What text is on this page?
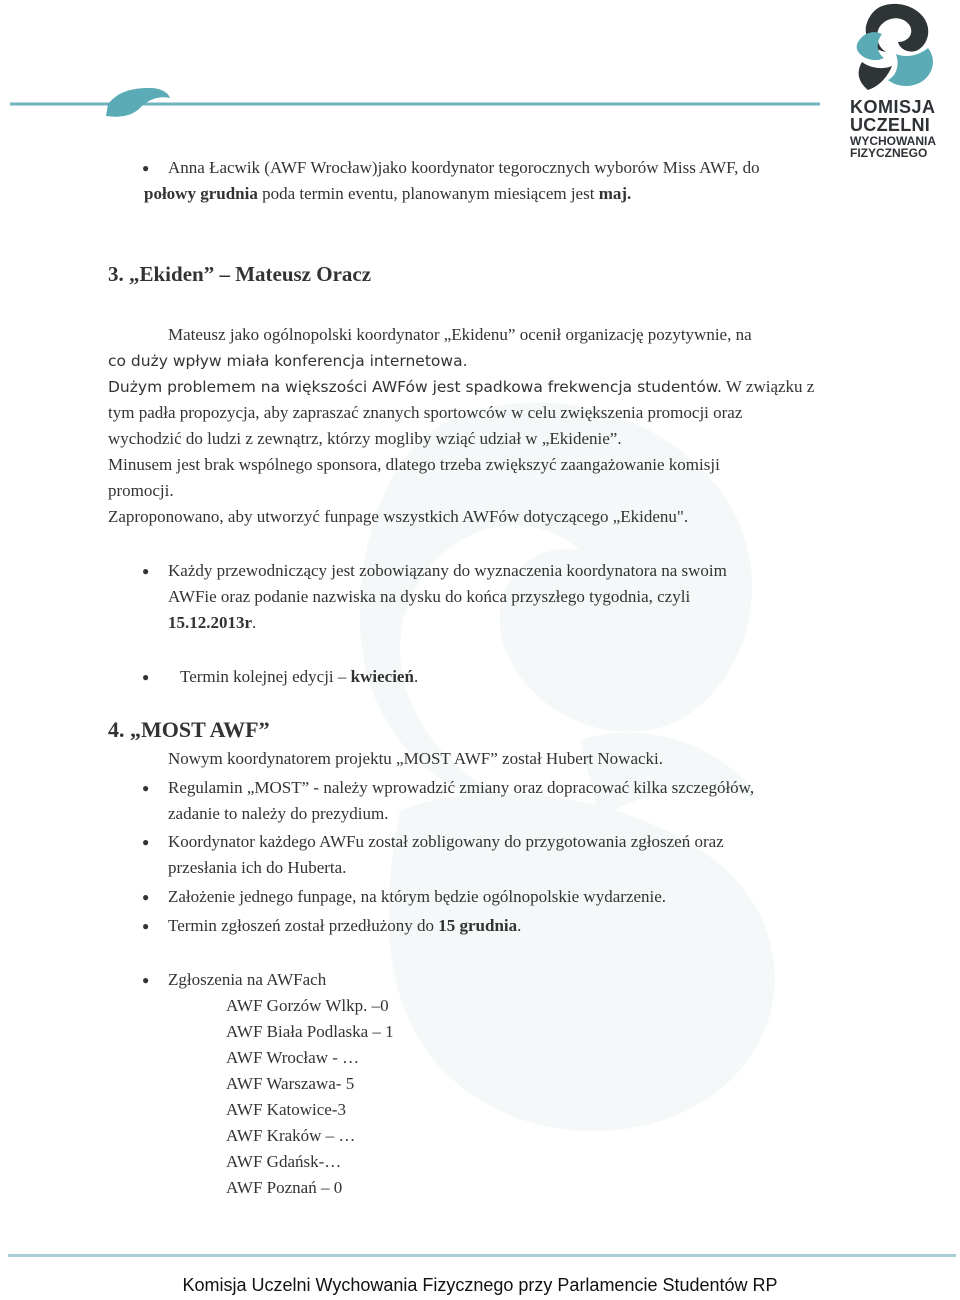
KOMISJA
UCZELNI
WYCHOWANIA
FIZYCZNEGO
● Anna Łacwik (AWF Wrocław)jako koordynator tegorocznych wyborów Miss AWF, do
połowy grudnia poda termin eventu, planowanym miesiącem jest maj.
3. „Ekiden” – Mateusz Oracz
Mateusz jako ogólnopolski koordynator „Ekidenu” ocenił organizację pozytywnie, na
co duży wpływ miała konferencja internetowa.
Dużym problemem na większości AWFów jest spadkowa frekwencja studentów. W związku z
tym padła propozycja, aby zapraszać znanych sportowców w celu zwiększenia promocji oraz
wychodzić do ludzi z zewnątrz, którzy mogliby wziąć udział w „Ekidenie”.
Minusem jest brak wspólnego sponsora, dlatego trzeba zwiększyć zaangażowanie komisji
promocji.
Zaproponowano, aby utworzyć funpage wszystkich AWFów dotyczącego „Ekidenu".
● Każdy przewodniczący jest zobowiązany do wyznaczenia koordynatora na swoim
AWFie oraz podanie nazwiska na dysku do końca przyszłego tygodnia, czyli
15.12.2013r.
● Termin kolejnej edycji – kwiecień.
4. „MOST AWF”
Nowym koordynatorem projektu „MOST AWF” został Hubert Nowacki.
● Regulamin „MOST” - należy wprowadzić zmiany oraz dopracować kilka szczegółów,
zadanie to należy do prezydium.
● Koordynator każdego AWFu został zobligowany do przygotowania zgłoszeń oraz
przesłania ich do Huberta.
● Założenie jednego funpage, na którym będzie ogólnopolskie wydarzenie.
● Termin zgłoszeń został przedłużony do 15 grudnia.
● Zgłoszenia na AWFach
AWF Gorzów Wlkp. –0
AWF Biała Podlaska – 1
AWF Wrocław - …
AWF Warszawa- 5
AWF Katowice-3
AWF Kraków – …
AWF Gdańsk-…
AWF Poznań – 0
Komisja Uczelni Wychowania Fizycznego przy Parlamencie Studentów RP
